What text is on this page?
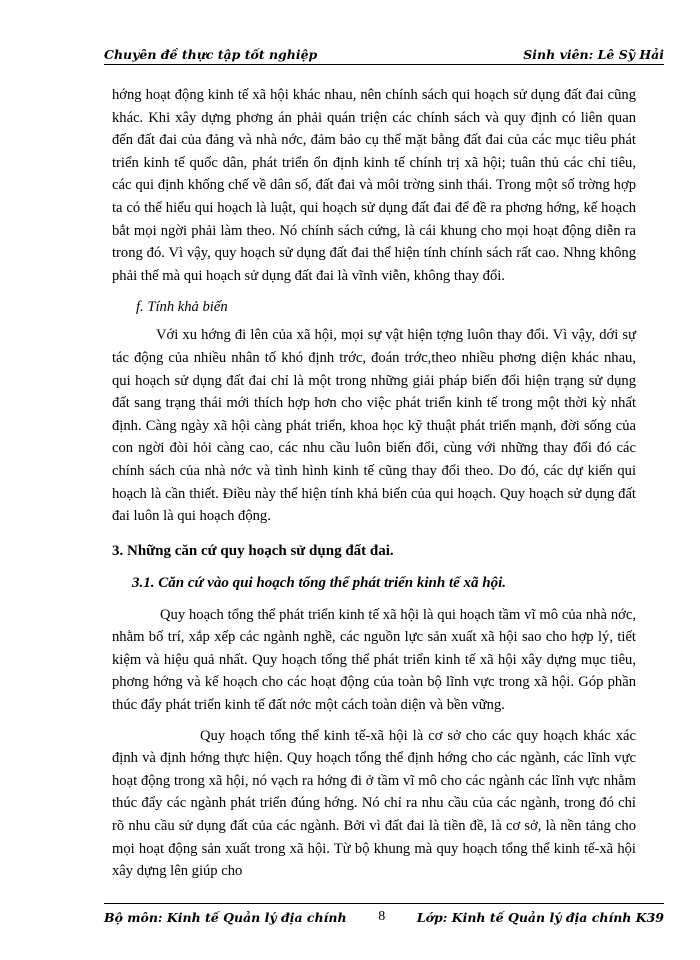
Chuyên đề thực tập tốt nghiệp	Sinh viên: Lê Sỹ Hải

hớng hoạt động kinh tế xã hội khác nhau, nên chính sách qui hoạch sử dụng đất đai cũng khác. Khi xây dựng phơng án phải quán triện các chính sách và quy định có liên quan đến đất đai của đảng và nhà nớc, đảm bảo cụ thể mặt bằng đất đai của các mục tiêu phát triển kinh tế quốc dân, phát triển ổn định kinh tế chính trị xã hội; tuân thủ các chỉ tiêu, các qui định khống chế về dân số, đất đai và môi trờng sinh thái. Trong một số trờng hợp ta có thể hiểu qui hoạch là luật, qui hoạch sử dụng đất đai để đề ra phơng hớng, kế hoạch bắt mọi ngời phải làm theo. Nó chính sách cứng, là cái khung cho mọi hoạt động diễn ra trong đó. Vì vậy, quy hoạch sử dụng đất đai thể hiện tính chính sách rất cao. Nhng không phải thế mà qui hoạch sử dụng đất đai là vĩnh viễn, không thay đổi.

f. Tính khả biến

Với xu hớng đi lên của xã hội, mọi sự vật hiện tợng luôn thay đổi. Vì vậy, dới sự tác động của nhiều nhân tố khó định trớc, đoán trớc,theo nhiều phơng diện khác nhau, qui hoạch sử dụng đất đai chỉ là một trong những giải pháp biến đổi hiện trạng sử dụng đất sang trạng thái mới thích hợp hơn cho việc phát triển kinh tế trong một thời kỳ nhất định. Càng ngày xã hội càng phát triển, khoa học kỹ thuật phát triển mạnh, đời sống của con ngời đòi hỏi càng cao, các nhu cầu luôn biến đổi, cùng với những thay đổi đó các chính sách của nhà nớc và tình hình kinh tế cũng thay đổi theo. Do đó, các dự kiến qui hoạch là cần thiết. Điều này thể hiện tính khả biến của qui hoạch. Quy hoạch sử dụng đất đai luôn là qui hoạch động.

3. Những căn cứ quy hoạch sử dụng đất đai.
3.1. Căn cứ vào qui hoạch tổng thể phát triển kinh tế xã hội.

Quy hoạch tổng thể phát triển kinh tế xã hội là qui hoạch tầm vĩ mô của nhà nớc, nhằm bố trí, xắp xếp các ngành nghề, các nguồn lực sản xuất xã hội sao cho hợp lý, tiết kiệm và hiệu quả nhất. Quy hoạch tổng thể phát triển kinh tế xã hội xây dựng mục tiêu, phơng hớng và kế hoạch cho các hoạt động của toàn bộ lĩnh vực trong xã hội. Góp phần thúc đẩy phát triển kinh tế đất nớc một cách toàn diện và bền vững.

Quy hoạch tổng thể kinh tế-xã hội là cơ sở cho các quy hoạch khác xác định và định hớng thực hiện. Quy hoạch tổng thể định hớng cho các ngành, các lĩnh vực hoạt động trong xã hội, nó vạch ra hớng đi ở tầm vĩ mô cho các ngành các lĩnh vực nhằm thúc đẩy các ngành phát triển đúng hớng. Nó chỉ ra nhu cầu của các ngành, trong đó chỉ rõ nhu cầu sử dụng đất của các ngành. Bởi vì đất đai là tiền đề, là cơ sở, là nền tảng cho mọi hoạt động sản xuất trong xã hội. Từ bộ khung mà quy hoạch tổng thể kinh tế-xã hội xây dựng lên giúp cho

Bộ môn: Kinh tế Quản lý địa chính 8	Lớp: Kinh tế Quản lý địa chính K39
